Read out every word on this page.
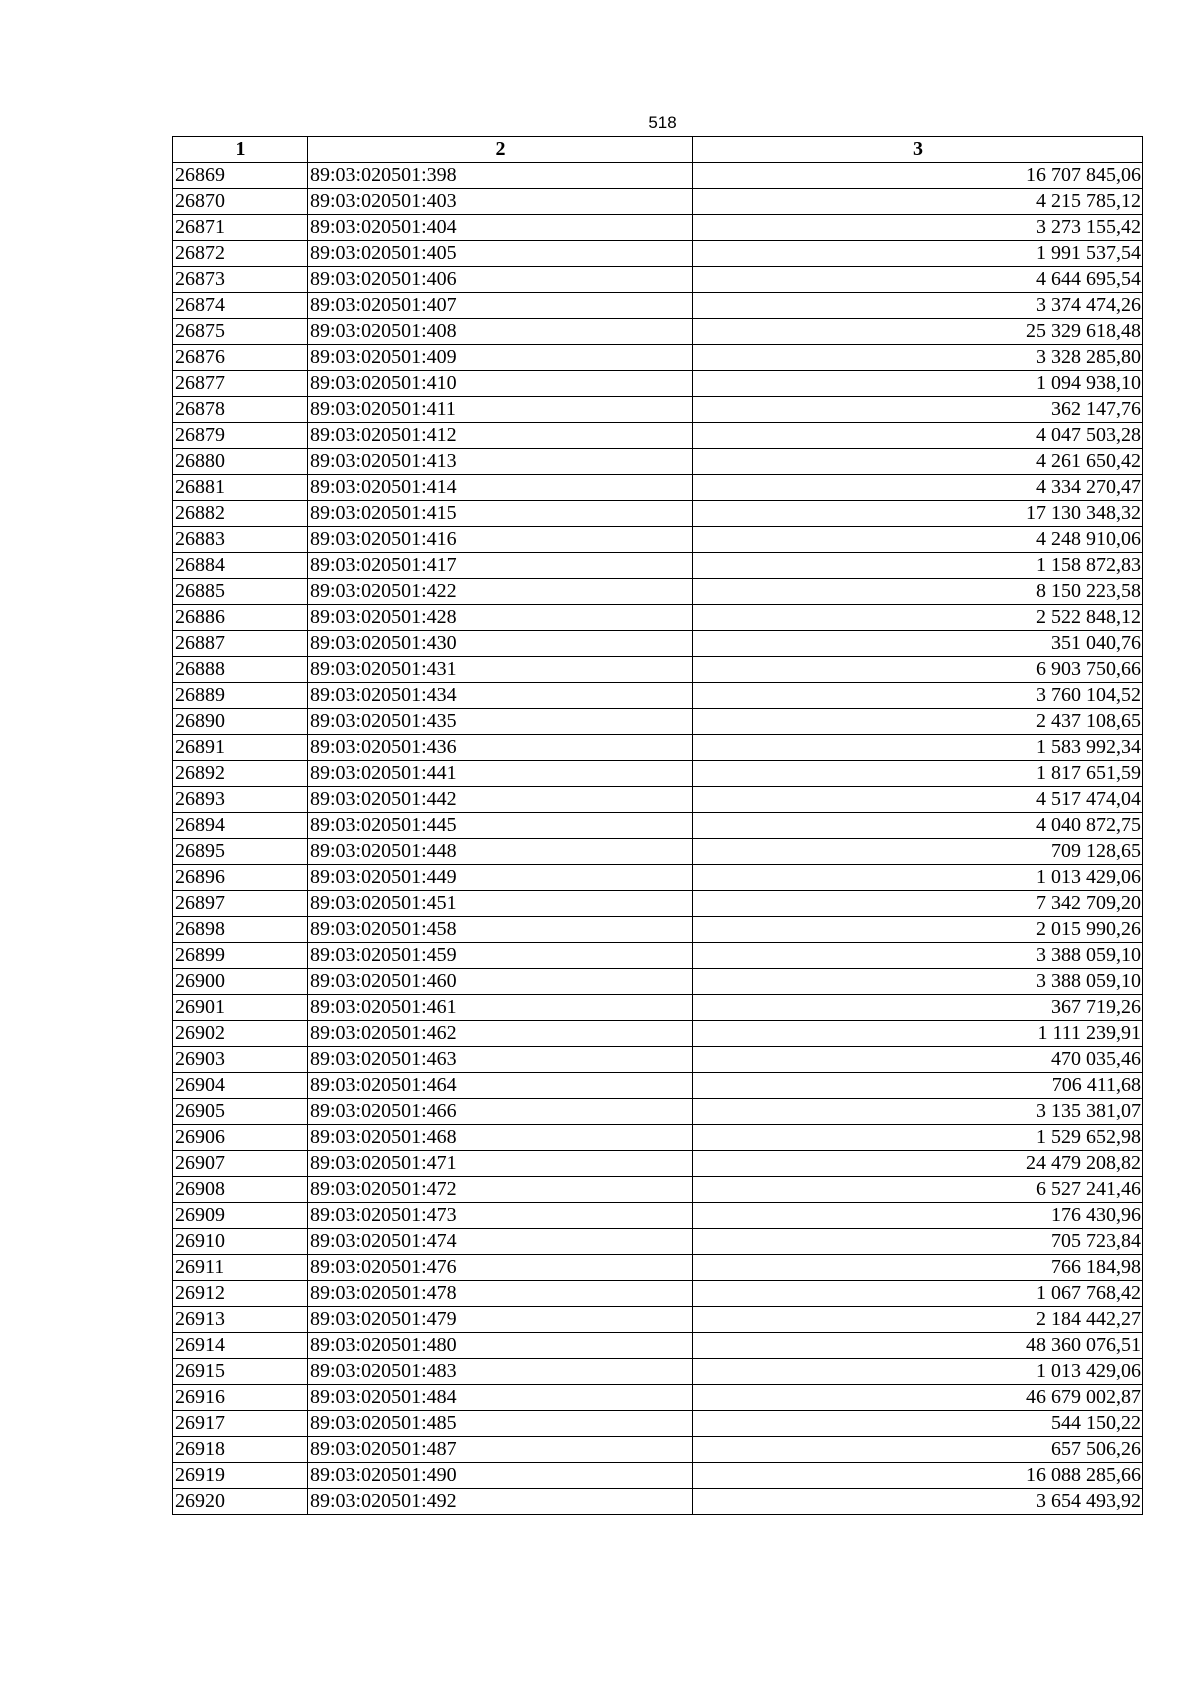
518
1	2	3
26869	89:03:020501:398	16 707 845,06
26870	89:03:020501:403	4 215 785,12
26871	89:03:020501:404	3 273 155,42
26872	89:03:020501:405	1 991 537,54
26873	89:03:020501:406	4 644 695,54
26874	89:03:020501:407	3 374 474,26
26875	89:03:020501:408	25 329 618,48
26876	89:03:020501:409	3 328 285,80
26877	89:03:020501:410	1 094 938,10
26878	89:03:020501:411	362 147,76
26879	89:03:020501:412	4 047 503,28
26880	89:03:020501:413	4 261 650,42
26881	89:03:020501:414	4 334 270,47
26882	89:03:020501:415	17 130 348,32
26883	89:03:020501:416	4 248 910,06
26884	89:03:020501:417	1 158 872,83
26885	89:03:020501:422	8 150 223,58
26886	89:03:020501:428	2 522 848,12
26887	89:03:020501:430	351 040,76
26888	89:03:020501:431	6 903 750,66
26889	89:03:020501:434	3 760 104,52
26890	89:03:020501:435	2 437 108,65
26891	89:03:020501:436	1 583 992,34
26892	89:03:020501:441	1 817 651,59
26893	89:03:020501:442	4 517 474,04
26894	89:03:020501:445	4 040 872,75
26895	89:03:020501:448	709 128,65
26896	89:03:020501:449	1 013 429,06
26897	89:03:020501:451	7 342 709,20
26898	89:03:020501:458	2 015 990,26
26899	89:03:020501:459	3 388 059,10
26900	89:03:020501:460	3 388 059,10
26901	89:03:020501:461	367 719,26
26902	89:03:020501:462	1 111 239,91
26903	89:03:020501:463	470 035,46
26904	89:03:020501:464	706 411,68
26905	89:03:020501:466	3 135 381,07
26906	89:03:020501:468	1 529 652,98
26907	89:03:020501:471	24 479 208,82
26908	89:03:020501:472	6 527 241,46
26909	89:03:020501:473	176 430,96
26910	89:03:020501:474	705 723,84
26911	89:03:020501:476	766 184,98
26912	89:03:020501:478	1 067 768,42
26913	89:03:020501:479	2 184 442,27
26914	89:03:020501:480	48 360 076,51
26915	89:03:020501:483	1 013 429,06
26916	89:03:020501:484	46 679 002,87
26917	89:03:020501:485	544 150,22
26918	89:03:020501:487	657 506,26
26919	89:03:020501:490	16 088 285,66
26920	89:03:020501:492	3 654 493,92
